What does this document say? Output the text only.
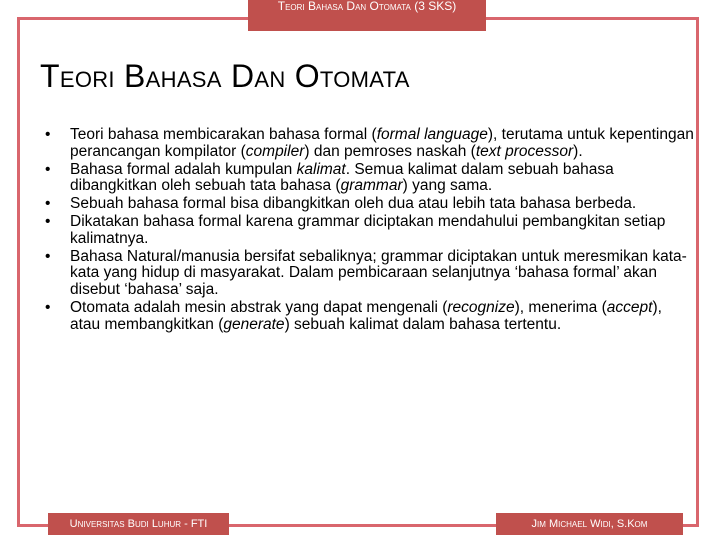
Teori Bahasa Dan Otomata (3 SKS)
Teori Bahasa Dan Otomata
• Teori bahasa membicarakan bahasa formal (formal language), terutama untuk kepentingan perancangan kompilator (compiler) dan pemroses naskah (text processor).
• Bahasa formal adalah kumpulan kalimat. Semua kalimat dalam sebuah bahasa dibangkitkan oleh sebuah tata bahasa (grammar) yang sama.
• Sebuah bahasa formal bisa dibangkitkan oleh dua atau lebih tata bahasa berbeda.
• Dikatakan bahasa formal karena grammar diciptakan mendahului pembangkitan setiap kalimatnya.
• Bahasa Natural/manusia bersifat sebaliknya; grammar diciptakan untuk meresmikan kata-kata yang hidup di masyarakat. Dalam pembicaraan selanjutnya ‘bahasa formal’ akan disebut ‘bahasa’ saja.
• Otomata adalah mesin abstrak yang dapat mengenali (recognize), menerima (accept), atau membangkitkan (generate) sebuah kalimat dalam bahasa tertentu.
Universitas Budi Luhur - FTI	Jim Michael Widi, S.Kom
